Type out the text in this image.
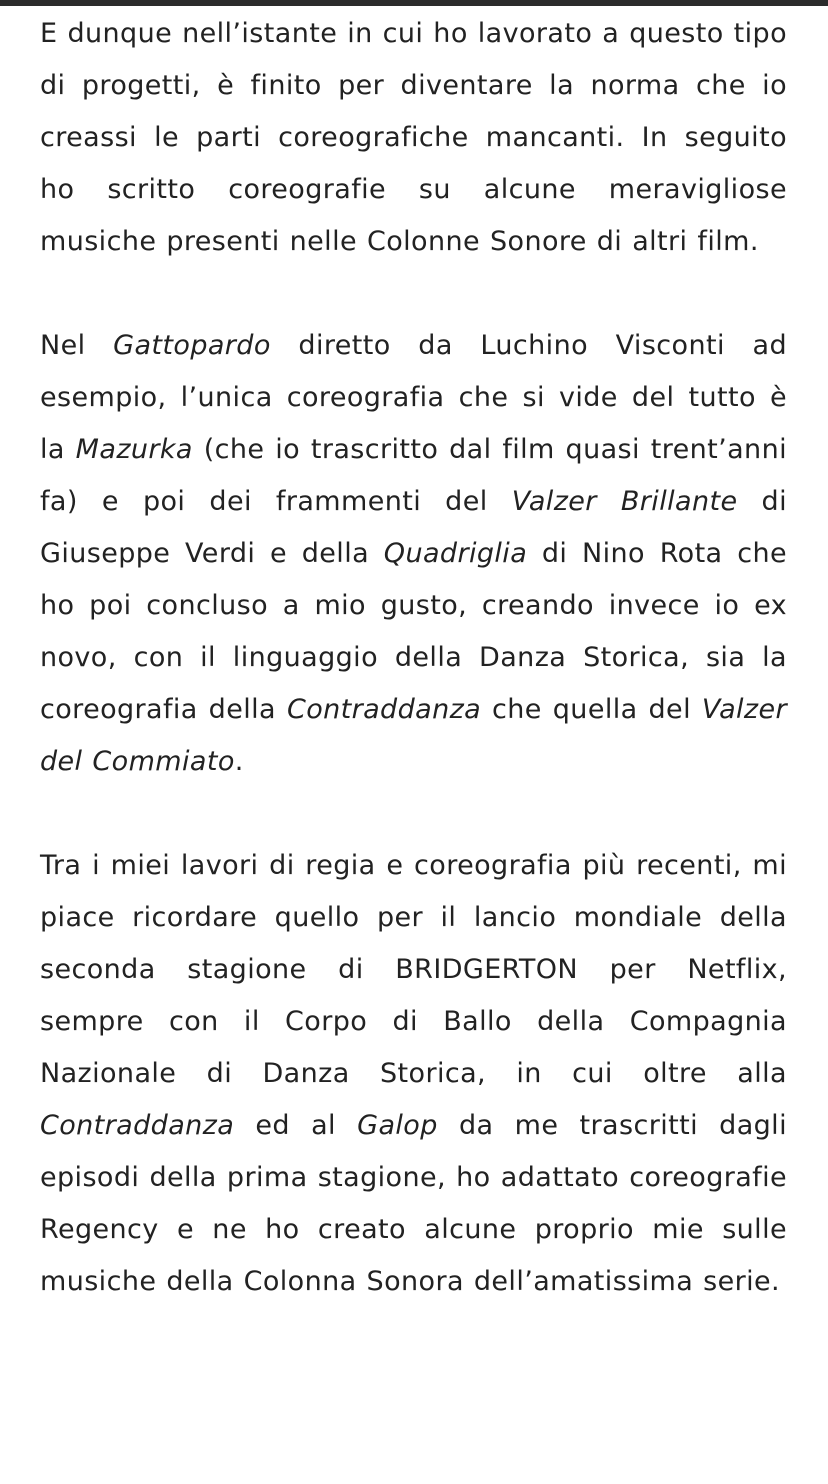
E dunque nell’istante in cui ho lavorato a questo tipo di progetti, è finito per diventare la norma che io creassi le parti coreografiche mancanti. In seguito ho scritto coreografie su alcune meravigliose musiche presenti nelle Colonne Sonore di altri film.

Nel Gattopardo diretto da Luchino Visconti ad esempio, l’unica coreografia che si vide del tutto è la Mazurka (che io trascritto dal film quasi trent’anni fa) e poi dei frammenti del Valzer Brillante di Giuseppe Verdi e della Quadriglia di Nino Rota che ho poi concluso a mio gusto, creando invece io ex novo, con il linguaggio della Danza Storica, sia la coreografia della Contraddanza che quella del Valzer del Commiato.

Tra i miei lavori di regia e coreografia più recenti, mi piace ricordare quello per il lancio mondiale della seconda stagione di BRIDGERTON per Netflix, sempre con il Corpo di Ballo della Compagnia Nazionale di Danza Storica, in cui oltre alla Contraddanza ed al Galop da me trascritti dagli episodi della prima stagione, ho adattato coreografie Regency e ne ho creato alcune proprio mie sulle musiche della Colonna Sonora dell’amatissima serie.
